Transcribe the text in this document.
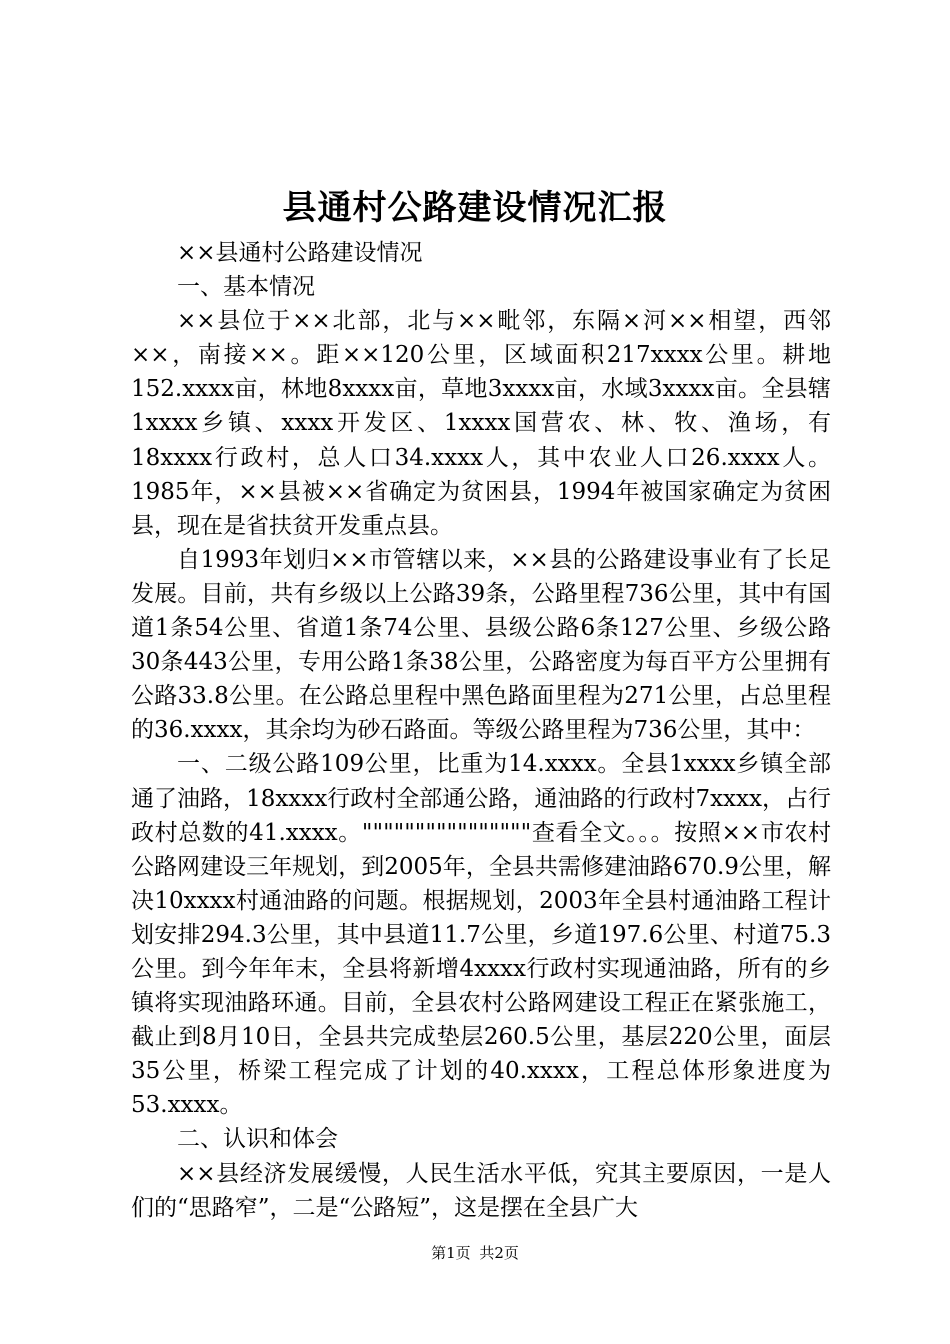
县通村公路建设情况汇报

××县通村公路建设情况

一、基本情况

××县位于××北部，北与××毗邻，东隔×河××相望，西邻××，南接××。距××120公里，区域面积217xxxx公里。耕地152.xxxx亩，林地8xxxx亩，草地3xxxx亩，水域3xxxx亩。全县辖1xxxx乡镇、xxxx开发区、1xxxx国营农、林、牧、渔场，有18xxxx行政村，总人口34.xxxx人，其中农业人口26.xxxx人。1985年，××县被××省确定为贫困县，1994年被国家确定为贫困县，现在是省扶贫开发重点县。

自1993年划归××市管辖以来，××县的公路建设事业有了长足发展。目前，共有乡级以上公路39条，公路里程736公里，其中有国道1条54公里、省道1条74公里、县级公路6条127公里、乡级公路30条443公里，专用公路1条38公里，公路密度为每百平方公里拥有公路33.8公里。在公路总里程中黑色路面里程为271公里，占总里程的36.xxxx，其余均为砂石路面。等级公路里程为736公里，其中：

一、二级公路109公里，比重为14.xxxx。全县1xxxx乡镇全部通了油路，18xxxx行政村全部通公路，通油路的行政村7xxxx，占行政村总数的41.xxxx。""""""""""""""""查看全文。。。按照××市农村公路网建设三年规划，到2005年，全县共需修建油路670.9公里，解决10xxxx村通油路的问题。根据规划，2003年全县村通油路工程计划安排294.3公里，其中县道11.7公里，乡道197.6公里、村道75.3公里。到今年年末，全县将新增4xxxx行政村实现通油路，所有的乡镇将实现油路环通。目前，全县农村公路网建设工程正在紧张施工，截止到8月10日，全县共完成垫层260.5公里，基层220公里，面层35公里，桥梁工程完成了计划的40.xxxx，工程总体形象进度为53.xxxx。

二、认识和体会

××县经济发展缓慢，人民生活水平低，究其主要原因，一是人们的“思路窄”，二是“公路短”，这是摆在全县广大

第1页 共2页
